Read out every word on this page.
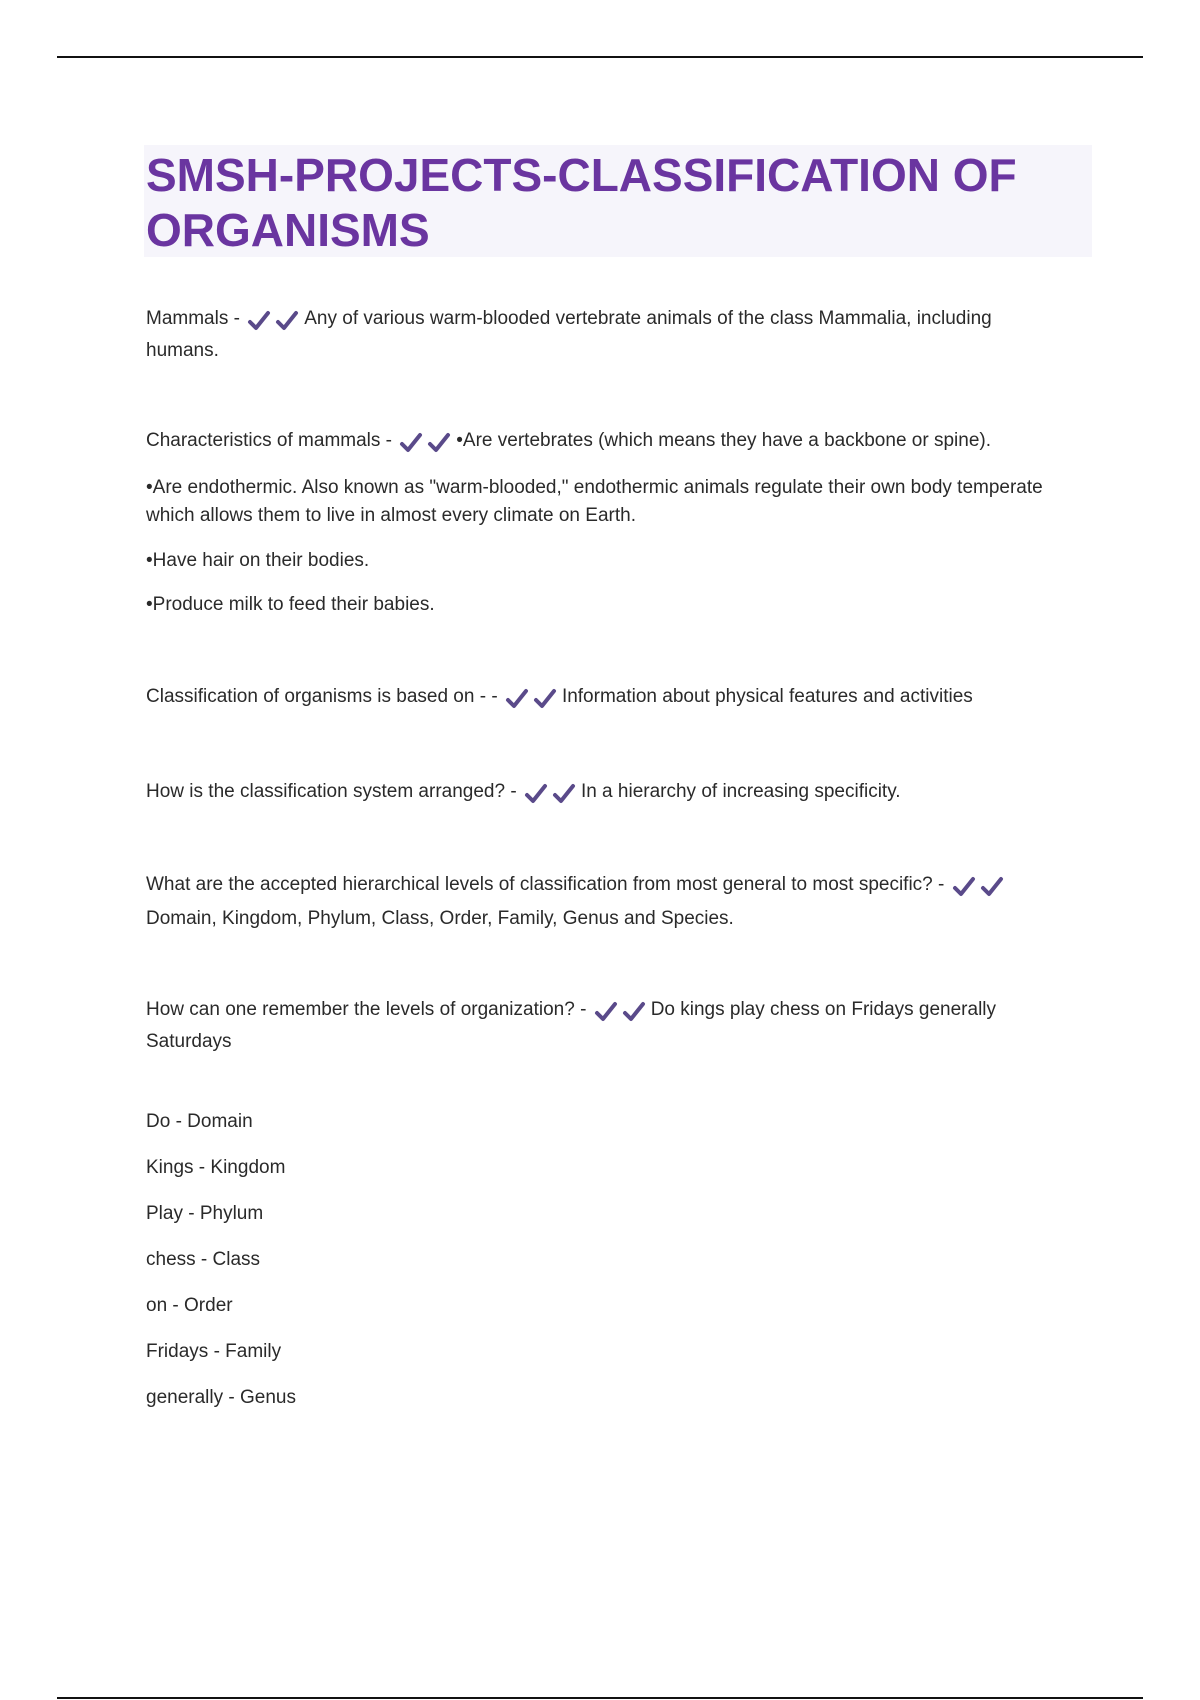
SMSH-PROJECTS-CLASSIFICATION OF ORGANISMS

Mammals -	Any of various warm-blooded vertebrate animals of the class Mammalia, including humans.

Characteristics of mammals -	•Are vertebrates (which means they have a backbone or spine).

•Are endothermic. Also known as "warm-blooded," endothermic animals regulate their own body temperate which allows them to live in almost every climate on Earth.

•Have hair on their bodies.

•Produce milk to feed their babies.

Classification of organisms is based on - -	Information about physical features and activities

How is the classification system arranged? -	In a hierarchy of increasing specificity.

What are the accepted hierarchical levels of classification from most general to most specific? - Domain, Kingdom, Phylum, Class, Order, Family, Genus and Species.

How can one remember the levels of organization? -	Do kings play chess on Fridays generally Saturdays

Do - Domain

Kings - Kingdom

Play - Phylum

chess - Class

on - Order

Fridays - Family

generally - Genus
